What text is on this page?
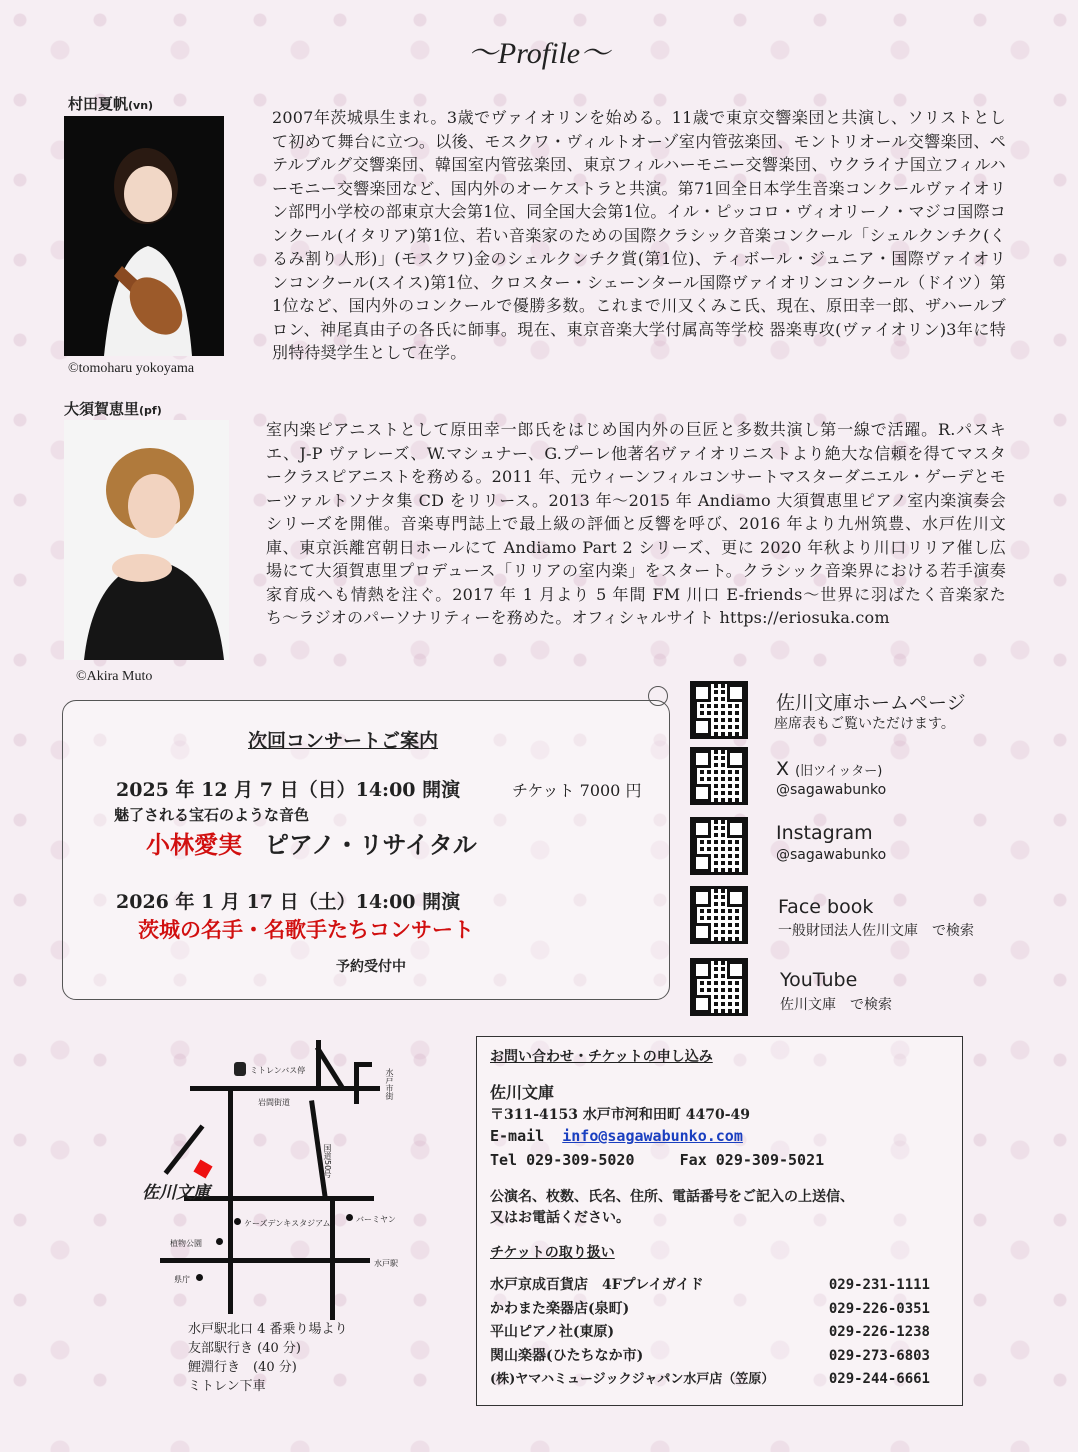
〜Profile〜
村田夏帆(vn)
©tomoharu yokoyama
2007年茨城県生まれ。3歳でヴァイオリンを始める。11歳で東京交響楽団と共演し、ソリストとして初めて舞台に立つ。以後、モスクワ・ヴィルトオーゾ室内管弦楽団、モントリオール交響楽団、ペテルブルグ交響楽団、韓国室内管弦楽団、東京フィルハーモニー交響楽団、ウクライナ国立フィルハーモニー交響楽団など、国内外のオーケストラと共演。第71回全日本学生音楽コンクールヴァイオリン部門小学校の部東京大会第1位、同全国大会第1位。イル・ピッコロ・ヴィオリーノ・マジコ国際コンクール(イタリア)第1位、若い音楽家のための国際クラシック音楽コンクール「シェルクンチク(くるみ割り人形)」(モスクワ)金のシェルクンチク賞(第1位)、ティボール・ジュニア・国際ヴァイオリンコンクール(スイス)第1位、クロスター・シェーンタール国際ヴァイオリンコンクール（ドイツ）第1位など、国内外のコンクールで優勝多数。これまで川又くみこ氏、現在、原田幸一郎、ザハールブロン、神尾真由子の各氏に師事。現在、東京音楽大学付属高等学校 器楽専攻(ヴァイオリン)3年に特別特待奨学生として在学。
大須賀恵里(pf)
©Akira Muto
室内楽ピアニストとして原田幸一郎氏をはじめ国内外の巨匠と多数共演し第一線で活躍。R.パスキエ、J-P ヴァレーズ、W.マシュナー、G.プーレ他著名ヴァイオリニストより絶大な信頼を得てマスタークラスピアニストを務める。2011 年、元ウィーンフィルコンサートマスターダニエル・ゲーデとモーツァルトソナタ集 CD をリリース。2013 年〜2015 年 Andiamo 大須賀恵里ピアノ室内楽演奏会シリーズを開催。音楽専門誌上で最上級の評価と反響を呼び、2016 年より九州筑豊、水戸佐川文庫、東京浜離宮朝日ホールにて Andiamo Part 2 シリーズ、更に 2020 年秋より川口リリア催し広場にて大須賀恵里プロデュース「リリアの室内楽」をスタート。クラシック音楽界における若手演奏家育成へも情熱を注ぐ。2017 年 1 月より 5 年間 FM 川口 E-friends〜世界に羽ばたく音楽家たち〜ラジオのパーソナリティーを務めた。オフィシャルサイト https://eriosuka.com
次回コンサートご案内
2025 年 12 月 7 日（日）14:00 開演	チケット 7000 円
魅了される宝石のような音色
小林愛実 ピアノ・リサイタル
2026 年 1 月 17 日（土）14:00 開演
茨城の名手・名歌手たちコンサート
予約受付中
佐川文庫ホームページ
座席表もご覧いただけます。
X (旧ツイッター)
@sagawabunko
Instagram
@sagawabunko
Face book
一般財団法人佐川文庫　で検索
YouTube
佐川文庫　で検索
佐川文庫
ミトレンバス停
岩間街道
国道50号
水戸市街
ケーズデンキスタジアム	バーミヤン
植物公園
水戸駅
県庁
水戸駅北口 4 番乗り場より
友部駅行き (40 分)
鯉淵行き　(40 分)
ミトレン下車
お問い合わせ・チケットの申し込み
佐川文庫
〒311-4153 水戸市河和田町 4470-49
E-mail info@sagawabunko.com
Tel 029-309-5020	Fax 029-309-5021
公演名、枚数、氏名、住所、電話番号をご記入の上送信、
又はお電話ください。
チケットの取り扱い
水戸京成百貨店　4Fプレイガイド	029-231-1111
かわまた楽器店(泉町)	029-226-0351
平山ピアノ社(東原)	029-226-1238
関山楽器(ひたちなか市)	029-273-6803
(株)ヤマハミュージックジャパン水戸店（笠原）	029-244-6661
